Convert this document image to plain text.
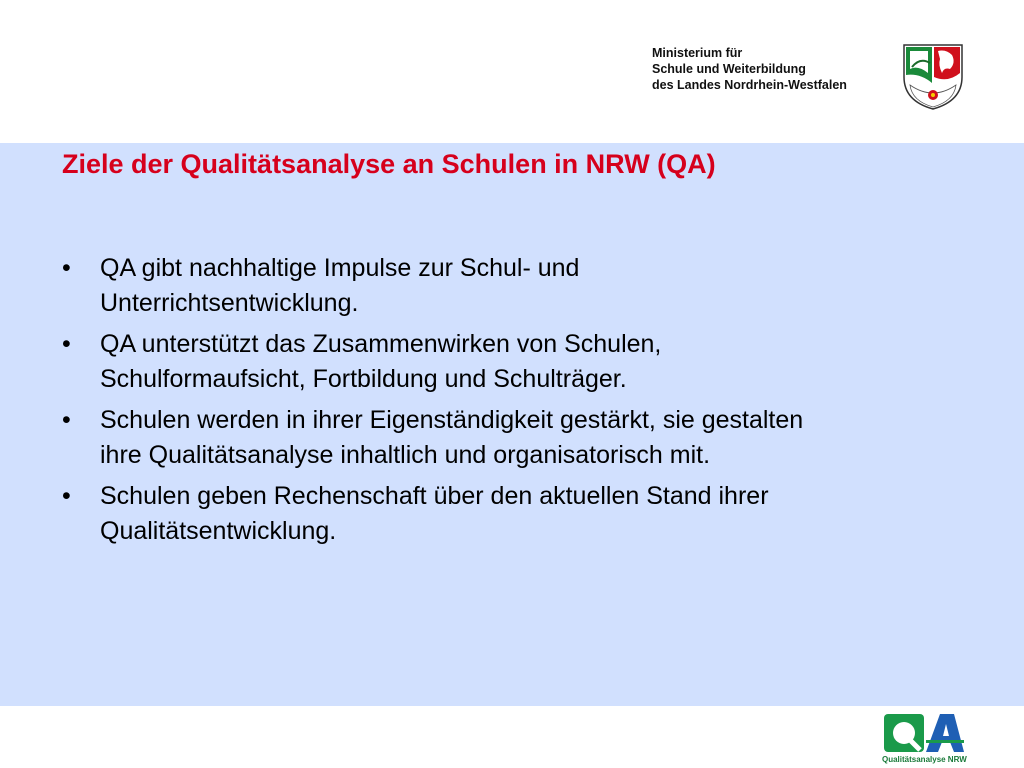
Ministerium für
Schule und Weiterbildung
des Landes Nordrhein-Westfalen
Ziele der Qualitätsanalyse an Schulen in NRW (QA)
• QA gibt nachhaltige Impulse zur Schul- und
Unterrichtsentwicklung.
• QA unterstützt das Zusammenwirken von Schulen,
Schulformaufsicht, Fortbildung und Schulträger.
• Schulen werden in ihrer Eigenständigkeit gestärkt, sie gestalten
ihre Qualitätsanalyse inhaltlich und organisatorisch mit.
• Schulen geben Rechenschaft über den aktuellen Stand ihrer
Qualitätsentwicklung.
Qualitätsanalyse NRW
